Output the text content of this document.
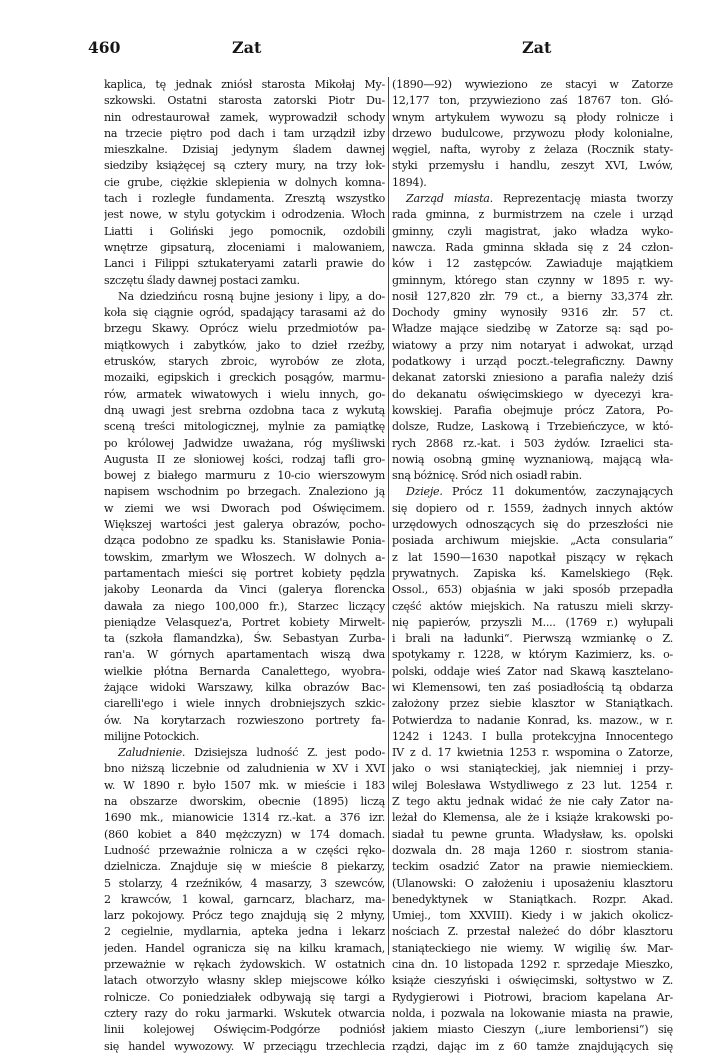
460	Zat	Zat
kaplica, tę jednak zniósł starosta Mikołaj My-
szkowski. Ostatni starosta zatorski Piotr Du-
nin odrestaurował zamek, wyprowadził schody
na trzecie piętro pod dach i tam urządził izby
mieszkalne. Dzisiaj jedynym śladem dawnej
siedziby książęcej są cztery mury, na trzy łok-
cie grube, ciężkie sklepienia w dolnych komna-
tach i rozległe fundamenta. Zresztą wszystko
jest nowe, w stylu gotyckim i odrodzenia. Włoch
Liatti i Goliński jego pomocnik, ozdobili
wnętrze gipsaturą, złoceniami i malowaniem,
Lanci i Filippi sztukateryami zatarli prawie do
szczętu ślady dawnej postaci zamku.
Na dziedzińcu rosną bujne jesiony i lipy, a do-
koła się ciągnie ogród, spadający tarasami aż do
brzegu Skawy. Oprócz wielu przedmiotów pa-
miątkowych i zabytków, jako to dzieł rzeźby,
etrusków, starych zbroic, wyrobów ze złota,
mozaiki, egipskich i greckich posągów, marmu-
rów, armatek wiwatowych i wielu innych, go-
dną uwagi jest srebrna ozdobna taca z wykutą
sceną treści mitologicznej, mylnie za pamiątkę
po królowej Jadwidze uważana, róg myśliwski
Augusta II ze słoniowej kości, rodzaj tafli gro-
bowej z białego marmuru z 10-cio wierszowym
napisem wschodnim po brzegach. Znaleziono ją
w ziemi we wsi Dworach pod Oświęcimem.
Większej wartości jest galerya obrazów, pocho-
dząca podobno ze spadku ks. Stanisławie Ponia-
towskim, zmarłym we Włoszech. W dolnych a-
partamentach mieści się portret kobiety pędzla
jakoby Leonarda da Vinci (galerya florencka
dawała za niego 100,000 fr.), Starzec liczący
pieniądze Velasquez'a, Portret kobiety Mirwelt-
ta (szkoła flamandzka), Św. Sebastyan Zurba-
ran'a. W górnych apartamentach wiszą dwa
wielkie płótna Bernarda Canalettego, wyobra-
żające widoki Warszawy, kilka obrazów Bac-
ciarelli'ego i wiele innych drobniejszych szkic-
ów. Na korytarzach rozwieszono portrety fa-
milijne Potockich.
Zaludnienie. Dzisiejsza ludność Z. jest podo-
bno niższą liczebnie od zaludnienia w XV i XVI
w. W 1890 r. było 1507 mk. w mieście i 183
na obszarze dworskim, obecnie (1895) liczą
1690 mk., mianowicie 1314 rz.-kat. a 376 izr.
(860 kobiet a 840 mężczyzn) w 174 domach.
Ludność przeważnie rolnicza a w części ręko-
dzielnicza. Znajduje się w mieście 8 piekarzy,
5 stolarzy, 4 rzeźników, 4 masarzy, 3 szewców,
2 krawców, 1 kowal, garncarz, blacharz, ma-
larz pokojowy. Prócz tego znajdują się 2 młyny,
2 cegielnie, mydlarnia, apteka jedna i lekarz
jeden. Handel ogranicza się na kilku kramach,
przeważnie w rękach żydowskich. W ostatnich
latach otworzyło własny sklep miejscowe kółko
rolnicze. Co poniedziałek odbywają się targi a
cztery razy do roku jarmarki. Wskutek otwarcia
linii kolejowej Oświęcim-Podgórze podniósł
się handel wywozowy. W przeciągu trzechlecia
(1890—92) wywieziono ze stacyi w Zatorze
12,177 ton, przywieziono zaś 18767 ton. Głó-
wnym artykułem wywozu są płody rolnicze i
drzewo budulcowe, przywozu płody kolonialne,
węgiel, nafta, wyroby z żelaza (Rocznik staty-
styki przemysłu i handlu, zeszyt XVI, Lwów,
1894).
Zarząd miasta. Reprezentację miasta tworzy
rada gminna, z burmistrzem na czele i urząd
gminny, czyli magistrat, jako władza wyko-
nawcza. Rada gminna składa się z 24 człon-
ków i 12 zastępców. Zawiaduje majątkiem
gminnym, którego stan czynny w 1895 r. wy-
nosił 127,820 złr. 79 ct., a bierny 33,374 złr.
Dochody gminy wynosiły 9316 złr. 57 ct.
Władze mające siedzibę w Zatorze są: sąd po-
wiatowy a przy nim notaryat i adwokat, urząd
podatkowy i urząd poczt.-telegraficzny. Dawny
dekanat zatorski zniesiono a parafia należy dziś
do dekanatu oświęcimskiego w dyecezyi kra-
kowskiej. Parafia obejmuje prócz Zatora, Po-
dolsze, Rudze, Laskową i Trzebieńczyce, w któ-
rych 2868 rz.-kat. i 503 żydów. Izraelici sta-
nowią osobną gminę wyznaniową, mającą wła-
sną bóżnicę. Sród nich osiadł rabin.
Dzieje. Prócz 11 dokumentów, zaczynających
się dopiero od r. 1559, żadnych innych aktów
urzędowych odnoszących się do przeszłości nie
posiada archiwum miejskie. „Acta consularia“
z lat 1590—1630 napotkał piszący w rękach
prywatnych. Zapiska kś. Kamelskiego (Ręk.
Ossol., 653) objaśnia w jaki sposób przepadła
część aktów miejskich. Na ratuszu mieli skrzy-
nię papierów, przyszli M.... (1769 r.) wyłupali
i brali na ładunki“. Pierwszą wzmiankę o Z.
spotykamy r. 1228, w którym Kazimierz, ks. o-
polski, oddaje wieś Zator nad Skawą kasztelano-
wi Klemensowi, ten zaś posiadłością tą obdarza
założony przez siebie klasztor w Staniątkach.
Potwierdza to nadanie Konrad, ks. mazow., w r.
1242 i 1243. I bulla protekcyjna Innocentego
IV z d. 17 kwietnia 1253 r. wspomina o Zatorze,
jako o wsi staniąteckiej, jak niemniej i przy-
wilej Bolesława Wstydliwego z 23 lut. 1254 r.
Z tego aktu jednak widać że nie cały Zator na-
leżał do Klemensa, ale że i książe krakowski po-
siadał tu pewne grunta. Władysław, ks. opolski
dozwala dn. 28 maja 1260 r. siostrom stania-
teckim osadzić Zator na prawie niemieckiem.
(Ulanowski: O założeniu i uposażeniu klasztoru
benedyktynek w Staniątkach. Rozpr. Akad.
Umiej., tom XXVIII). Kiedy i w jakich okolicz-
nościach Z. przestał należeć do dóbr klasztoru
staniąteckiego nie wiemy. W wigilię św. Mar-
cina dn. 10 listopada 1292 r. sprzedaje Mieszko,
książe cieszyński i oświęcimski, sołtystwo w Z.
Rydygierowi i Piotrowi, braciom kapelana Ar-
nolda, i pozwala na lokowanie miasta na prawie,
jakiem miasto Cieszyn („iure lemboriensi“) się
rządzi, dając im z 60 tamże znajdujących się
